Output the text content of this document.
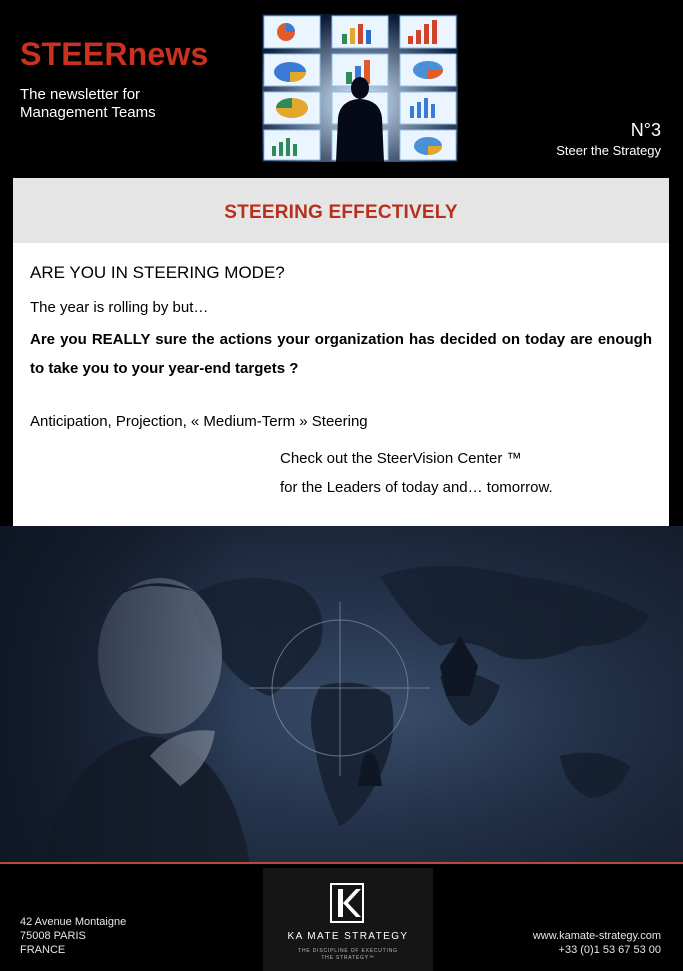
STEERnews
The newsletter for Management Teams
N°3
Steer the Strategy
STEERING EFFECTIVELY
ARE YOU IN STEERING MODE?
The year is rolling by but…
Are you REALLY sure the actions your organization has decided on today are enough to take you to your year-end targets ?
Anticipation, Projection, « Medium-Term » Steering
Check out the SteerVision Center ™
for the Leaders of today and… tomorrow.
42 Avenue Montaigne
75008 PARIS
FRANCE
KA MATE STRATEGY
THE DISCIPLINE OF EXECUTING
THE STRATEGY™
www.kamate-strategy.com
+33 (0)1 53 67 53 00
